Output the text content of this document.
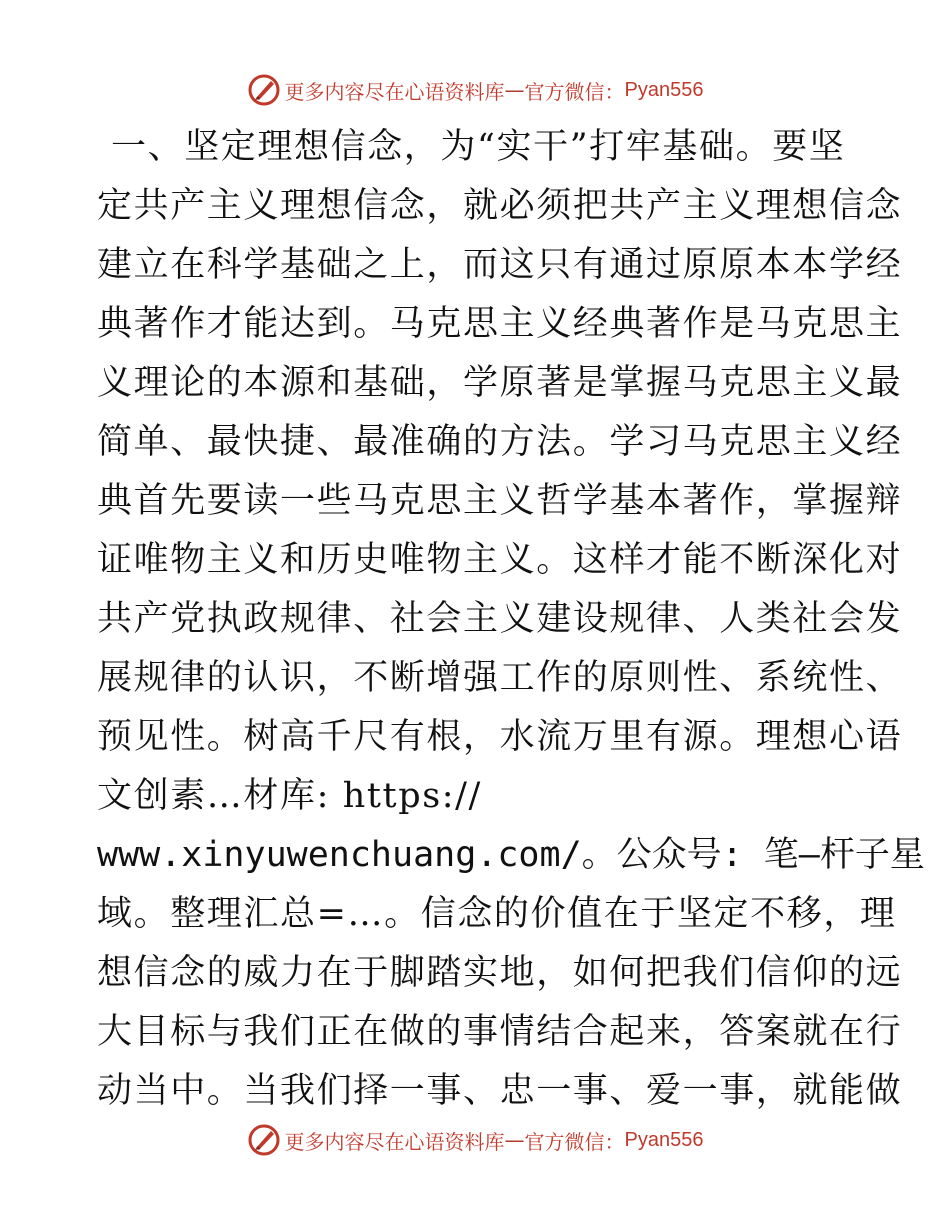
更多内容尽在心语资料库 — 官方微信： Pyan556
一、坚定理想信念，为“实干”打牢基础。要坚
定共产主义理想信念，就必须把共产主义理想信念
建立在科学基础之上，而这只有通过原原本本学经
典著作才能达到。马克思主义经典著作是马克思主
义理论的本源和基础，学原著是掌握马克思主义最
简单、最快捷、最准确的方法。学习马克思主义经
典首先要读一些马克思主义哲学基本著作，掌握辩
证唯物主义和历史唯物主义。这样才能不断深化对
共产党执政规律、社会主义建设规律、人类社会发
展规律的认识，不断增强工作的原则性、系统性、
预见性。树高千尺有根，水流万里有源。理想心语
文创素…材库: https://
www.xinyuwenchuang.com/。公众号: 笔—杆子星
域。整理汇总=…。信念的价值在于坚定不移，理
想信念的威力在于脚踏实地，如何把我们信仰的远
大目标与我们正在做的事情结合起来，答案就在行
动当中。当我们择一事、忠一事、爱一事，就能做
更多内容尽在心语资料库 — 官方微信： Pyan556
